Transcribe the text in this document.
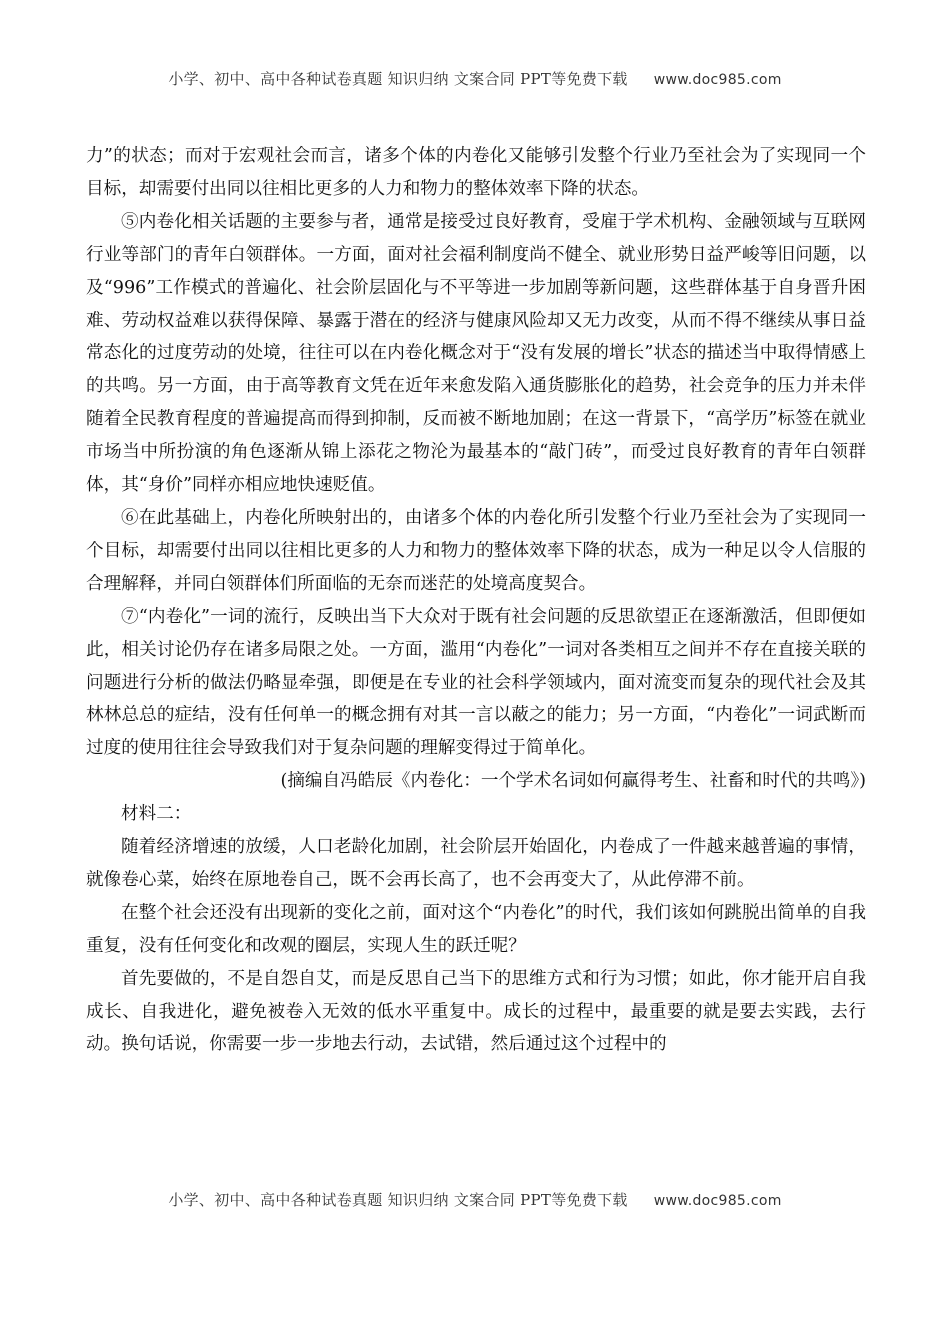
小学、初中、高中各种试卷真题 知识归纳 文案合同 PPT等免费下载 www.doc985.com

力”的状态；而对于宏观社会而言，诸多个体的内卷化又能够引发整个行业乃至社会为了实现同一个目标，却需要付出同以往相比更多的人力和物力的整体效率下降的状态。

⑤内卷化相关话题的主要参与者，通常是接受过良好教育，受雇于学术机构、金融领域与互联网行业等部门的青年白领群体。一方面，面对社会福利制度尚不健全、就业形势日益严峻等旧问题，以及“996”工作模式的普遍化、社会阶层固化与不平等进一步加剧等新问题，这些群体基于自身晋升困难、劳动权益难以获得保障、暴露于潜在的经济与健康风险却又无力改变，从而不得不继续从事日益常态化的过度劳动的处境，往往可以在内卷化概念对于“没有发展的增长”状态的描述当中取得情感上的共鸣。另一方面，由于高等教育文凭在近年来愈发陷入通货膨胀化的趋势，社会竞争的压力并未伴随着全民教育程度的普遍提高而得到抑制，反而被不断地加剧；在这一背景下，“高学历”标签在就业市场当中所扮演的角色逐渐从锦上添花之物沦为最基本的“敲门砖”，而受过良好教育的青年白领群体，其“身价”同样亦相应地快速贬值。

⑥在此基础上，内卷化所映射出的，由诸多个体的内卷化所引发整个行业乃至社会为了实现同一个目标，却需要付出同以往相比更多的人力和物力的整体效率下降的状态，成为一种足以令人信服的合理解释，并同白领群体们所面临的无奈而迷茫的处境高度契合。

⑦“内卷化”一词的流行，反映出当下大众对于既有社会问题的反思欲望正在逐渐激活，但即便如此，相关讨论仍存在诸多局限之处。一方面，滥用“内卷化”一词对各类相互之间并不存在直接关联的问题进行分析的做法仍略显牵强，即便是在专业的社会科学领域内，面对流变而复杂的现代社会及其林林总总的症结，没有任何单一的概念拥有对其一言以蔽之的能力；另一方面，“内卷化”一词武断而过度的使用往往会导致我们对于复杂问题的理解变得过于简单化。

(摘编自冯皓辰《内卷化：一个学术名词如何赢得考生、社畜和时代的共鸣》)

材料二：

随着经济增速的放缓，人口老龄化加剧，社会阶层开始固化，内卷成了一件越来越普遍的事情，就像卷心菜，始终在原地卷自己，既不会再长高了，也不会再变大了，从此停滞不前。

在整个社会还没有出现新的变化之前，面对这个“内卷化”的时代，我们该如何跳脱出简单的自我重复，没有任何变化和改观的圈层，实现人生的跃迁呢？

首先要做的，不是自怨自艾，而是反思自己当下的思维方式和行为习惯；如此，你才能开启自我成长、自我进化，避免被卷入无效的低水平重复中。成长的过程中，最重要的就是要去实践，去行动。换句话说，你需要一步一步地去行动，去试错，然后通过这个过程中的

小学、初中、高中各种试卷真题 知识归纳 文案合同 PPT等免费下载 www.doc985.com
